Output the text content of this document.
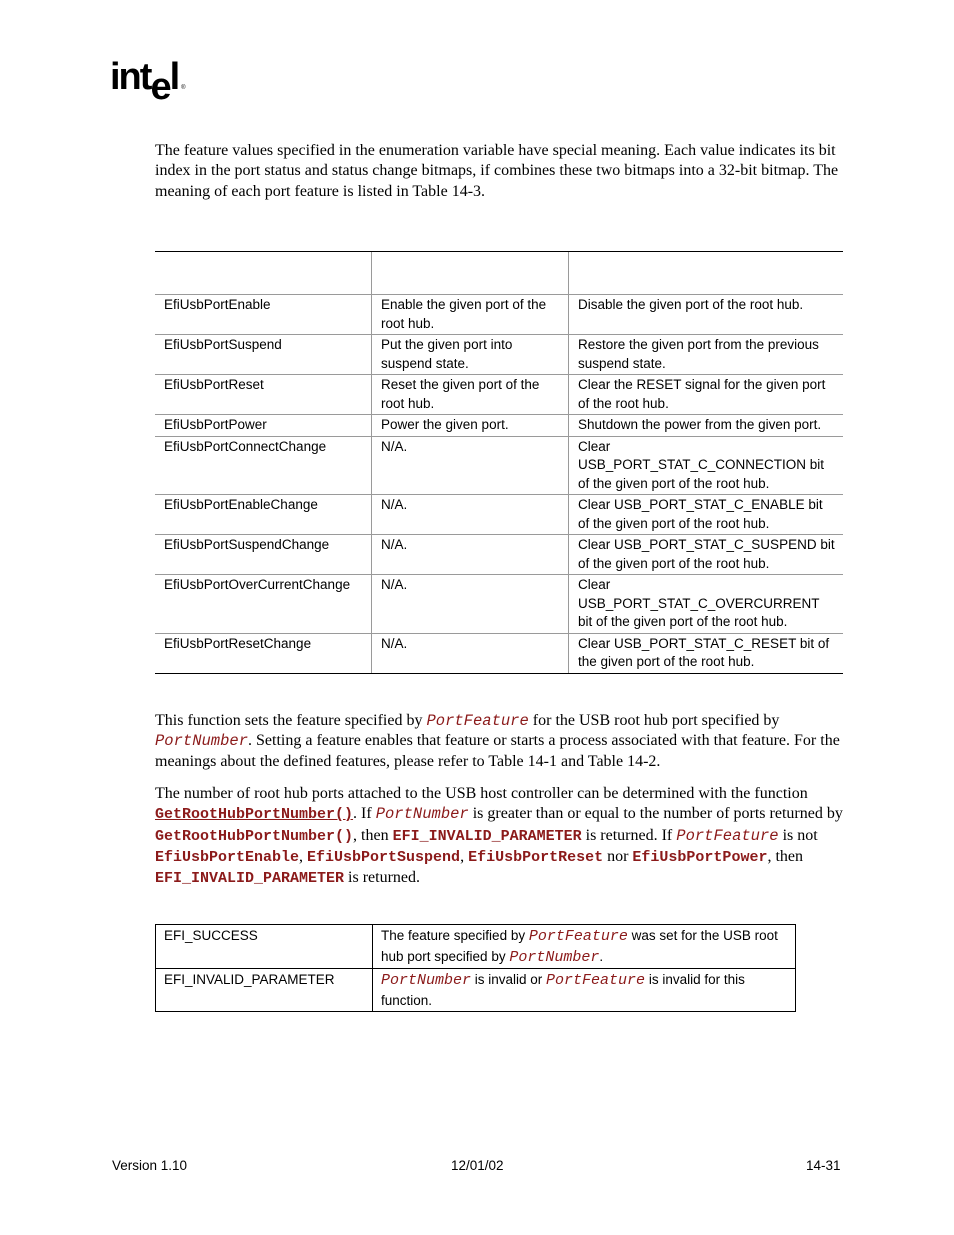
intel ®
The feature values specified in the enumeration variable have special meaning. Each value indicates its bit index in the port status and status change bitmaps, if combines these two bitmaps into a 32-bit bitmap. The meaning of each port feature is listed in Table 14-3.

EfiUsbPortEnable	Enable the given port of the root hub.	Disable the given port of the root hub.
EfiUsbPortSuspend	Put the given port into suspend state.	Restore the given port from the previous suspend state.
EfiUsbPortReset	Reset the given port of the root hub.	Clear the RESET signal for the given port of the root hub.
EfiUsbPortPower	Power the given port.	Shutdown the power from the given port.
EfiUsbPortConnectChange	N/A.	Clear USB_PORT_STAT_C_CONNECTION bit of the given port of the root hub.
EfiUsbPortEnableChange	N/A.	Clear USB_PORT_STAT_C_ENABLE bit of the given port of the root hub.
EfiUsbPortSuspendChange	N/A.	Clear USB_PORT_STAT_C_SUSPEND bit of the given port of the root hub.
EfiUsbPortOverCurrentChange	N/A.	Clear USB_PORT_STAT_C_OVERCURRENT bit of the given port of the root hub.
EfiUsbPortResetChange	N/A.	Clear USB_PORT_STAT_C_RESET bit of the given port of the root hub.
This function sets the feature specified by PortFeature for the USB root hub port specified by PortNumber. Setting a feature enables that feature or starts a process associated with that feature. For the meanings about the defined features, please refer to Table 14-1 and Table 14-2.
The number of root hub ports attached to the USB host controller can be determined with the function GetRootHubPortNumber(). If PortNumber is greater than or equal to the number of ports returned by GetRootHubPortNumber(), then EFI_INVALID_PARAMETER is returned. If PortFeature is not EfiUsbPortEnable, EfiUsbPortSuspend, EfiUsbPortReset nor EfiUsbPortPower, then EFI_INVALID_PARAMETER is returned.
EFI_SUCCESS	The feature specified by PortFeature was set for the USB root hub port specified by PortNumber.
EFI_INVALID_PARAMETER	PortNumber is invalid or PortFeature is invalid for this function.
Version 1.10	12/01/02	14-31
